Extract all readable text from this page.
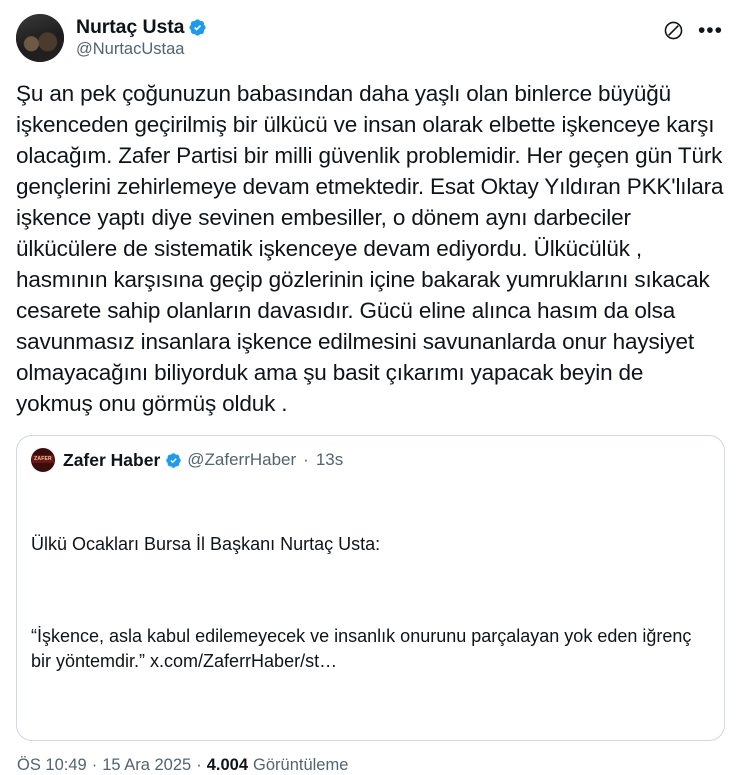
Nurtaç Usta
@NurtacUstaa
•••
Şu an pek çoğunuzun babasından daha yaşlı olan binlerce büyüğü işkenceden geçirilmiş bir ülkücü ve insan olarak elbette işkenceye karşı olacağım. Zafer Partisi bir milli güvenlik problemidir. Her geçen gün Türk gençlerini zehirlemeye devam etmektedir. Esat Oktay Yıldıran PKK'lılara işkence yaptı diye sevinen embesiller, o dönem aynı darbeciler ülkücülere de sistematik işkenceye devam ediyordu. Ülkücülük , hasmının karşısına geçip gözlerinin içine bakarak yumruklarını sıkacak cesarete sahip olanların davasıdır. Gücü eline alınca hasım da olsa savunmasız insanlara işkence edilmesini savunanlarda onur haysiyet olmayacağını biliyorduk ama şu basit çıkarımı yapacak beyin de yokmuş onu görmüş olduk .
ZAFER Zafer Haber @ZaferrHaber · 13s

Ülkü Ocakları Bursa İl Başkanı Nurtaç Usta:

“İşkence, asla kabul edilemeyecek ve insanlık onurunu parçalayan yok eden iğrenç bir yöntemdir.” x.com/ZaferrHaber/st…

ÖS 10:49 · 15 Ara 2025 · 4.004 Görüntüleme
